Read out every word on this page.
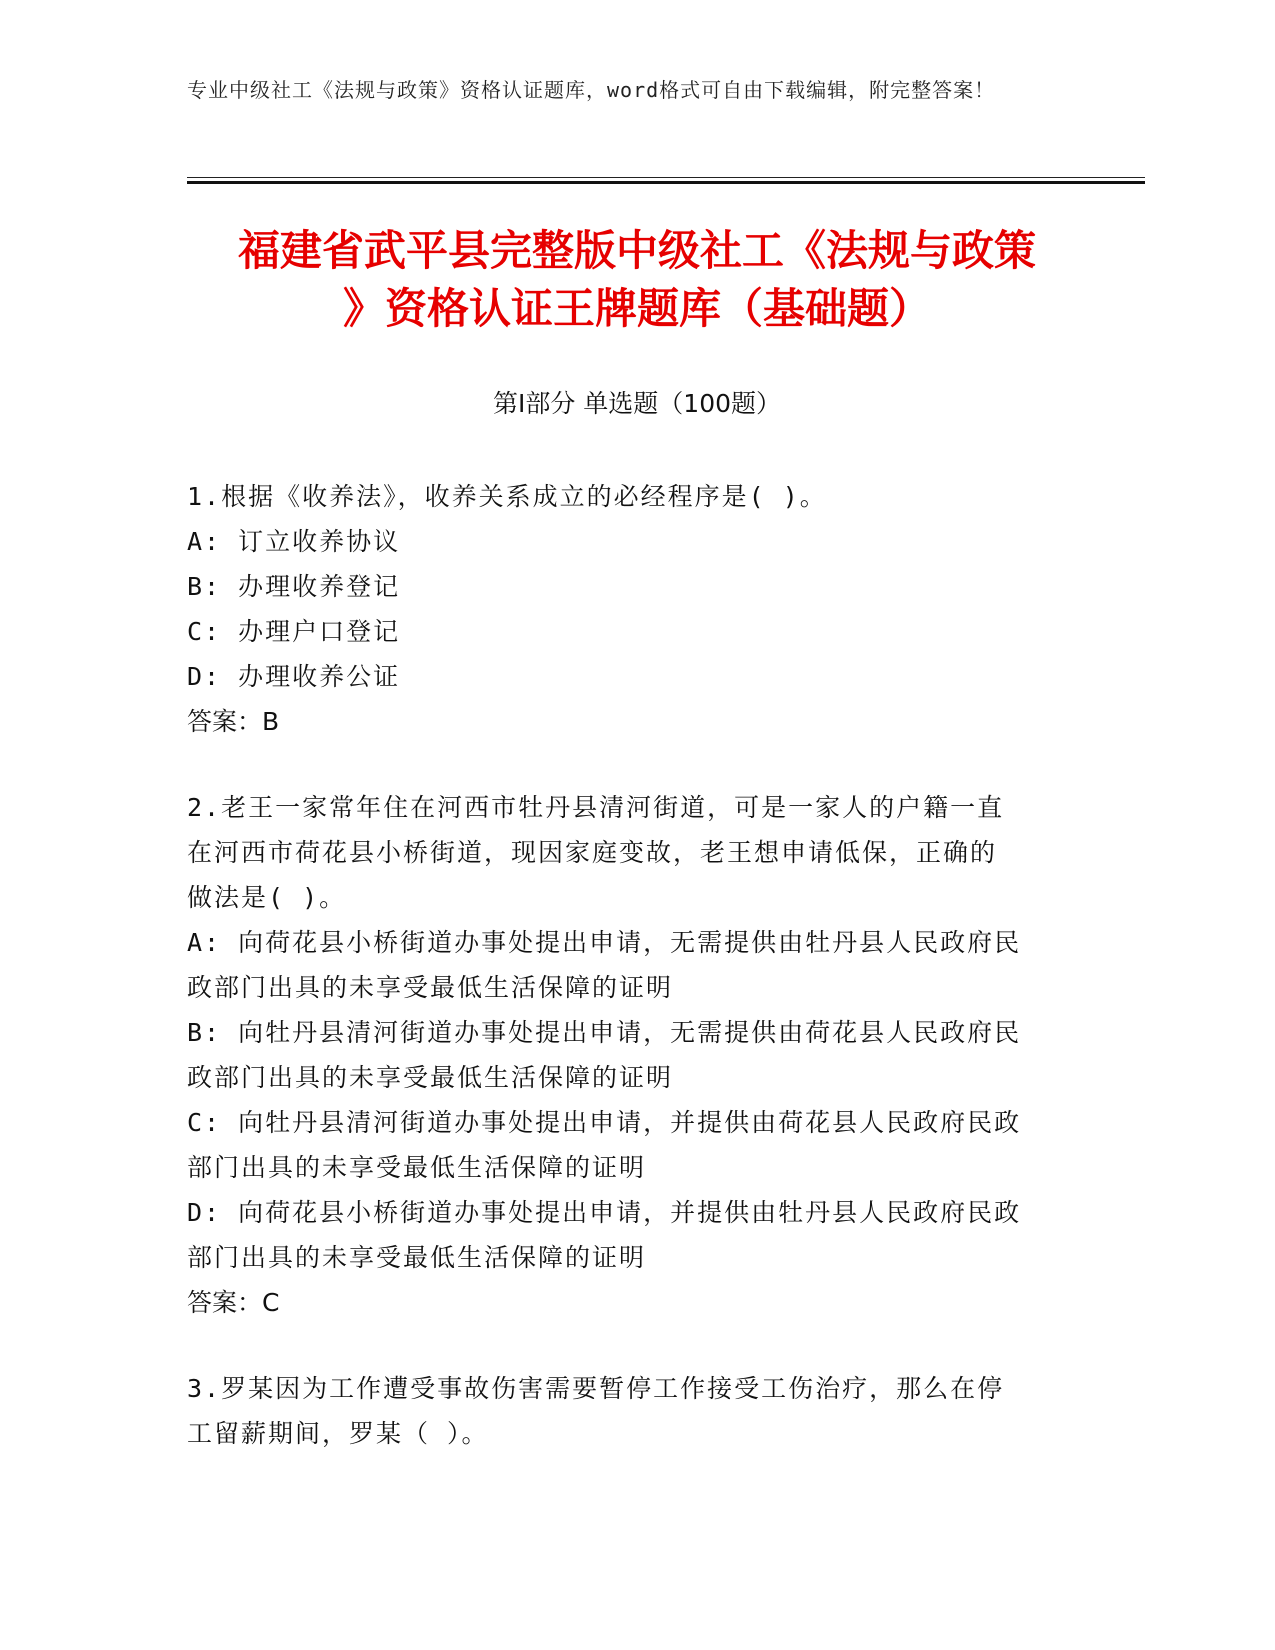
专业中级社工《法规与政策》资格认证题库，word格式可自由下载编辑，附完整答案！
福建省武平县完整版中级社工《法规与政策
》资格认证王牌题库（基础题）
第Ⅰ部分 单选题（100题）
1.根据《收养法》，收养关系成立的必经程序是( )。
A: 订立收养协议
B: 办理收养登记
C: 办理户口登记
D: 办理收养公证
答案：B
2.老王一家常年住在河西市牡丹县清河街道，可是一家人的户籍一直
在河西市荷花县小桥街道，现因家庭变故，老王想申请低保，正确的
做法是( )。
A: 向荷花县小桥街道办事处提出申请，无需提供由牡丹县人民政府民
政部门出具的未享受最低生活保障的证明
B: 向牡丹县清河街道办事处提出申请，无需提供由荷花县人民政府民
政部门出具的未享受最低生活保障的证明
C: 向牡丹县清河街道办事处提出申请，并提供由荷花县人民政府民政
部门出具的未享受最低生活保障的证明
D: 向荷花县小桥街道办事处提出申请，并提供由牡丹县人民政府民政
部门出具的未享受最低生活保障的证明
答案：C
3.罗某因为工作遭受事故伤害需要暂停工作接受工伤治疗，那么在停
工留薪期间，罗某（ ）。
